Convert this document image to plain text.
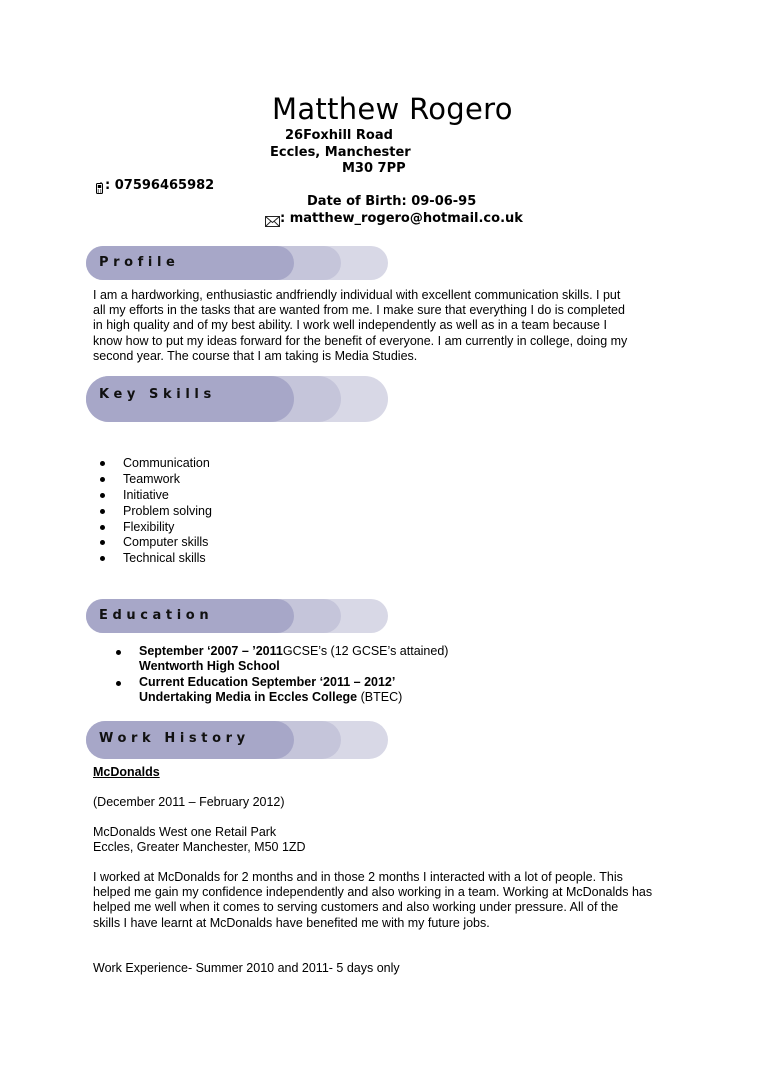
Matthew Rogero
26Foxhill Road
Eccles, Manchester
M30 7PP
: 07596465982
Date of Birth: 09-06-95
: matthew_rogero@hotmail.co.uk
Profile
I am a hardworking, enthusiastic andfriendly individual with excellent communication skills. I put
all my efforts in the tasks that are wanted from me. I make sure that everything I do is completed
in high quality and of my best ability. I work well independently as well as in a team because I
know how to put my ideas forward for the benefit of everyone. I am currently in college, doing my
second year. The course that I am taking is Media Studies.
Key Skills
Communication
Teamwork
Initiative
Problem solving
Flexibility
Computer skills
Technical skills
Education
September ‘2007 – ’2011GCSE’s (12 GCSE’s attained)
Wentworth High School
Current Education September ‘2011 – 2012’
Undertaking Media in Eccles College (BTEC)
Work History
McDonalds
(December 2011 – February 2012)
McDonalds West one Retail Park
Eccles, Greater Manchester, M50 1ZD
I worked at McDonalds for 2 months and in those 2 months I interacted with a lot of people. This
helped me gain my confidence independently and also working in a team. Working at McDonalds has
helped me well when it comes to serving customers and also working under pressure. All of the
skills I have learnt at McDonalds have benefited me with my future jobs.
Work Experience- Summer 2010 and 2011- 5 days only
